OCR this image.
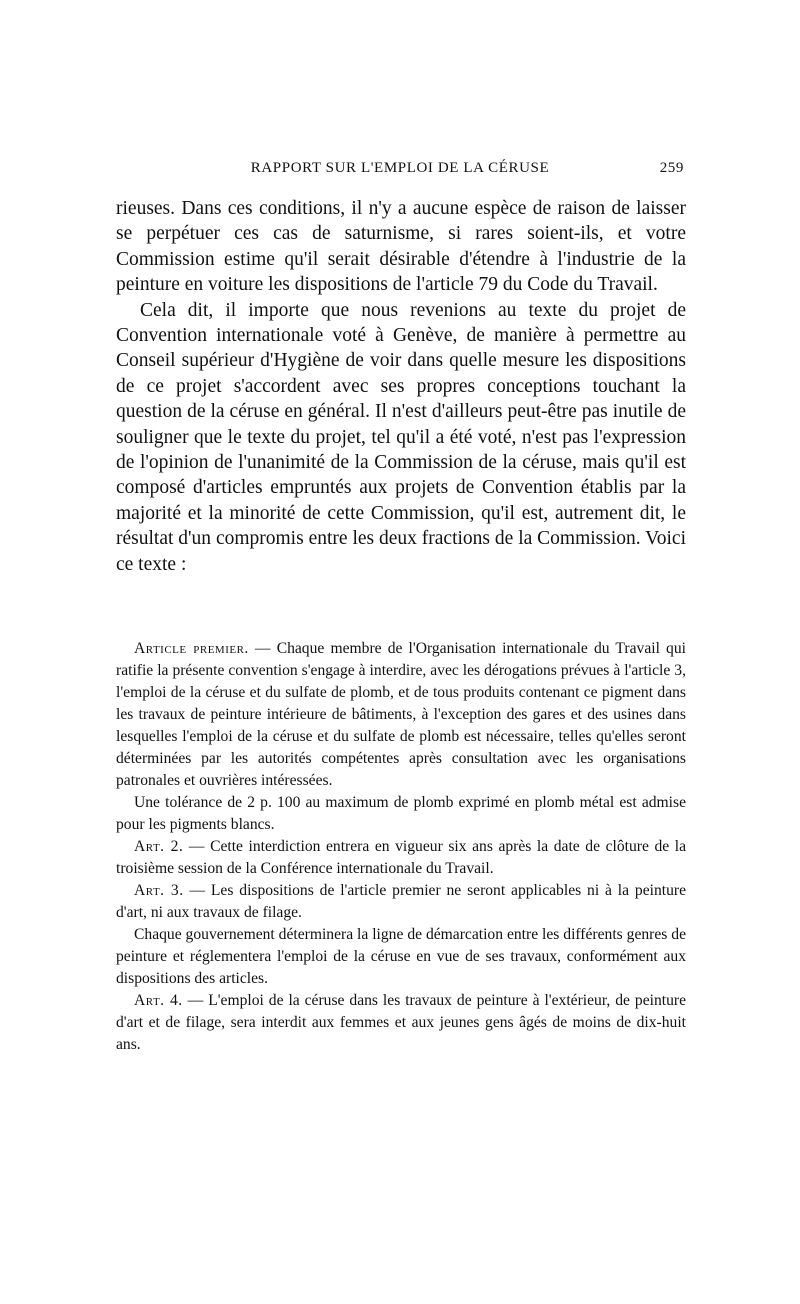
RAPPORT SUR L'EMPLOI DE LA CÉRUSE	259

rieuses. Dans ces conditions, il n'y a aucune espèce de raison de laisser se perpétuer ces cas de saturnisme, si rares soient-ils, et votre Commission estime qu'il serait désirable d'étendre à l'industrie de la peinture en voiture les dispositions de l'article 79 du Code du Travail.

Cela dit, il importe que nous revenions au texte du projet de Convention internationale voté à Genève, de manière à permettre au Conseil supérieur d'Hygiène de voir dans quelle mesure les dispositions de ce projet s'accordent avec ses propres conceptions touchant la question de la céruse en général. Il n'est d'ailleurs peut-être pas inutile de souligner que le texte du projet, tel qu'il a été voté, n'est pas l'expression de l'opinion de l'unanimité de la Commission de la céruse, mais qu'il est composé d'articles empruntés aux projets de Convention établis par la majorité et la minorité de cette Commission, qu'il est, autrement dit, le résultat d'un compromis entre les deux fractions de la Commission. Voici ce texte :

Article premier. — Chaque membre de l'Organisation internationale du Travail qui ratifie la présente convention s'engage à interdire, avec les dérogations prévues à l'article 3, l'emploi de la céruse et du sulfate de plomb, et de tous produits contenant ce pigment dans les travaux de peinture intérieure de bâtiments, à l'exception des gares et des usines dans lesquelles l'emploi de la céruse et du sulfate de plomb est nécessaire, telles qu'elles seront déterminées par les autorités compétentes après consultation avec les organisations patronales et ouvrières intéressées.

Une tolérance de 2 p. 100 au maximum de plomb exprimé en plomb métal est admise pour les pigments blancs.

Art. 2. — Cette interdiction entrera en vigueur six ans après la date de clôture de la troisième session de la Conférence internationale du Travail.

Art. 3. — Les dispositions de l'article premier ne seront applicables ni à la peinture d'art, ni aux travaux de filage.

Chaque gouvernement déterminera la ligne de démarcation entre les différents genres de peinture et réglementera l'emploi de la céruse en vue de ses travaux, conformément aux dispositions des articles.

Art. 4. — L'emploi de la céruse dans les travaux de peinture à l'extérieur, de peinture d'art et de filage, sera interdit aux femmes et aux jeunes gens âgés de moins de dix-huit ans.
